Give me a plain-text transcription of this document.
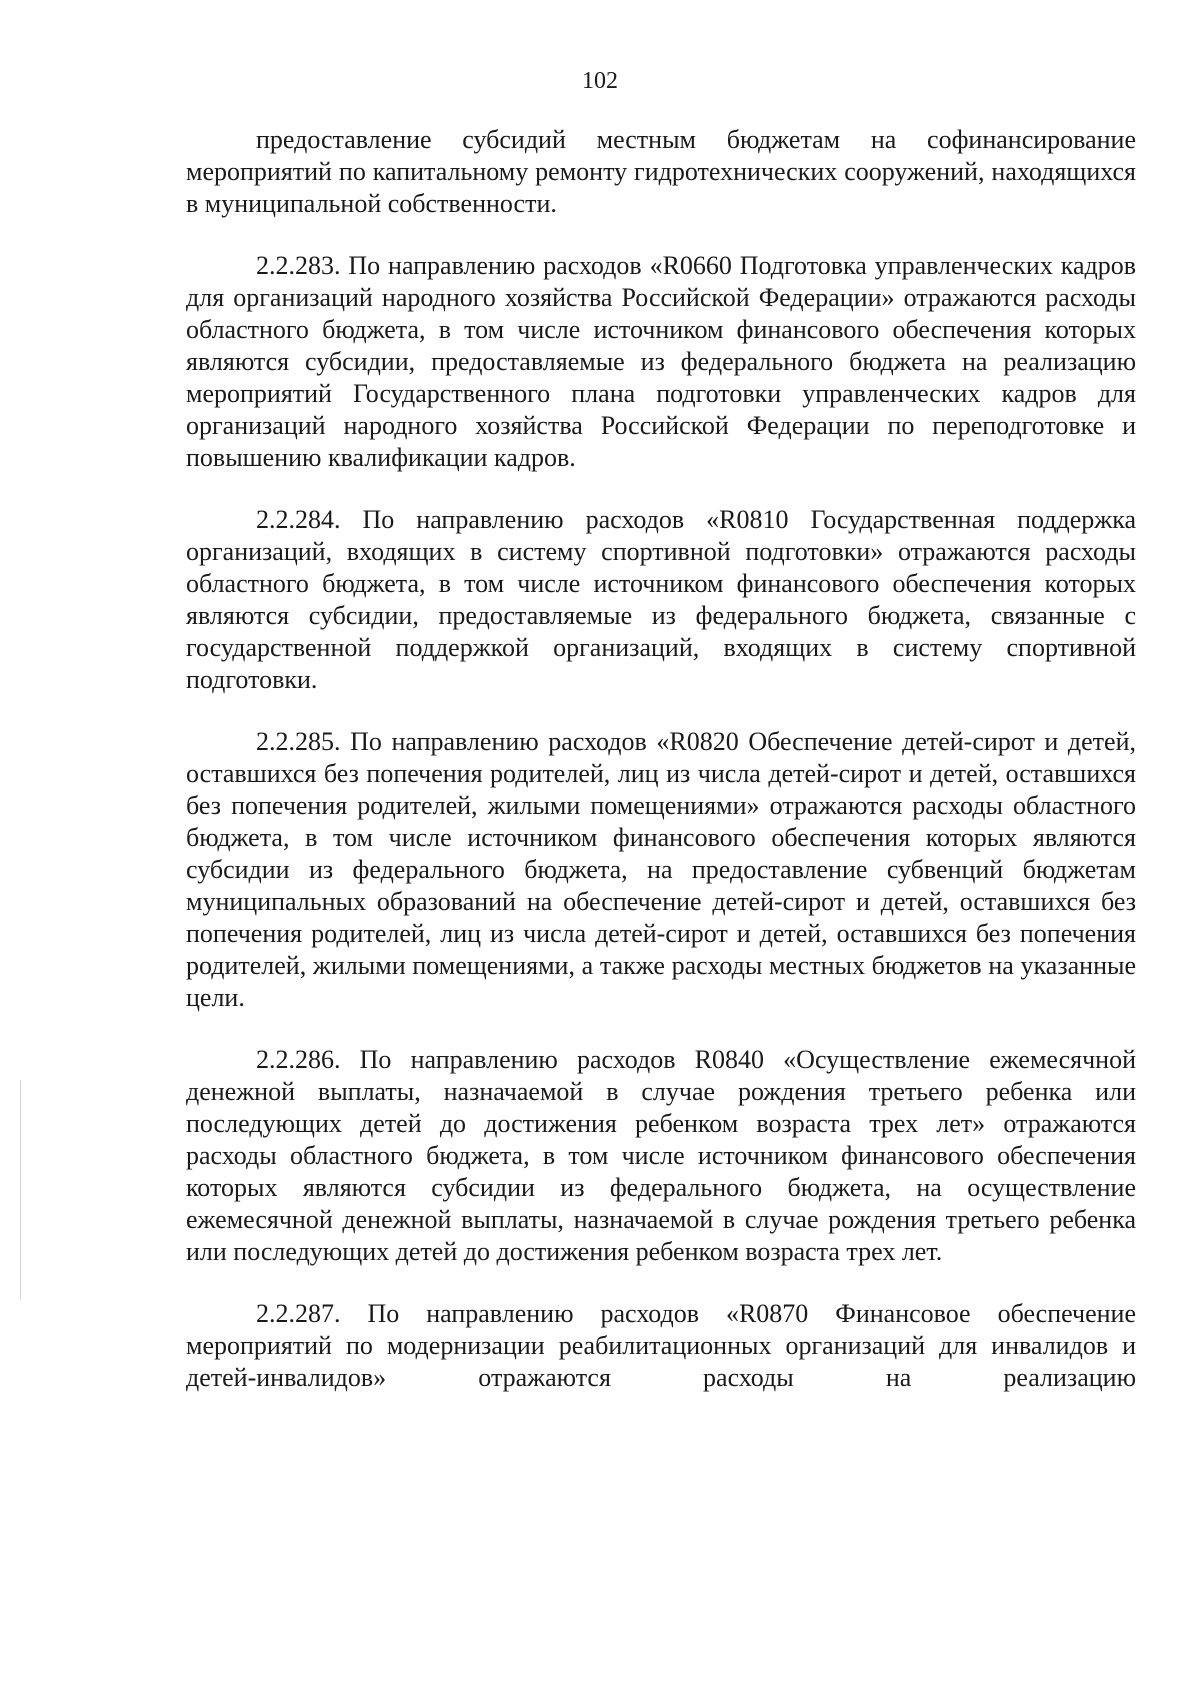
102

предоставление субсидий местным бюджетам на софинансирование мероприятий по капитальному ремонту гидротехнических сооружений, находящихся в муниципальной собственности.

2.2.283. По направлению расходов «R0660 Подготовка управленческих кадров для организаций народного хозяйства Российской Федерации» отражаются расходы областного бюджета, в том числе источником финансового обеспечения которых являются субсидии, предоставляемые из федерального бюджета на реализацию мероприятий Государственного плана подготовки управленческих кадров для организаций народного хозяйства Российской Федерации по переподготовке и повышению квалификации кадров.

2.2.284. По направлению расходов «R0810 Государственная поддержка организаций, входящих в систему спортивной подготовки» отражаются расходы областного бюджета, в том числе источником финансового обеспечения которых являются субсидии, предоставляемые из федерального бюджета, связанные с государственной поддержкой организаций, входящих в систему спортивной подготовки.

2.2.285. По направлению расходов «R0820 Обеспечение детей-сирот и детей, оставшихся без попечения родителей, лиц из числа детей-сирот и детей, оставшихся без попечения родителей, жилыми помещениями» отражаются расходы областного бюджета, в том числе источником финансового обеспечения которых являются субсидии из федерального бюджета, на предоставление субвенций бюджетам муниципальных образований на обеспечение детей-сирот и детей, оставшихся без попечения родителей, лиц из числа детей-сирот и детей, оставшихся без попечения родителей, жилыми помещениями, а также расходы местных бюджетов на указанные цели.

2.2.286. По направлению расходов R0840 «Осуществление ежемесячной денежной выплаты, назначаемой в случае рождения третьего ребенка или последующих детей до достижения ребенком возраста трех лет» отражаются расходы областного бюджета, в том числе источником финансового обеспечения которых являются субсидии из федерального бюджета, на осуществление ежемесячной денежной выплаты, назначаемой в случае рождения третьего ребенка или последующих детей до достижения ребенком возраста трех лет.

2.2.287. По направлению расходов «R0870 Финансовое обеспечение мероприятий по модернизации реабилитационных организаций для инвалидов и детей-инвалидов» отражаются расходы на реализацию
